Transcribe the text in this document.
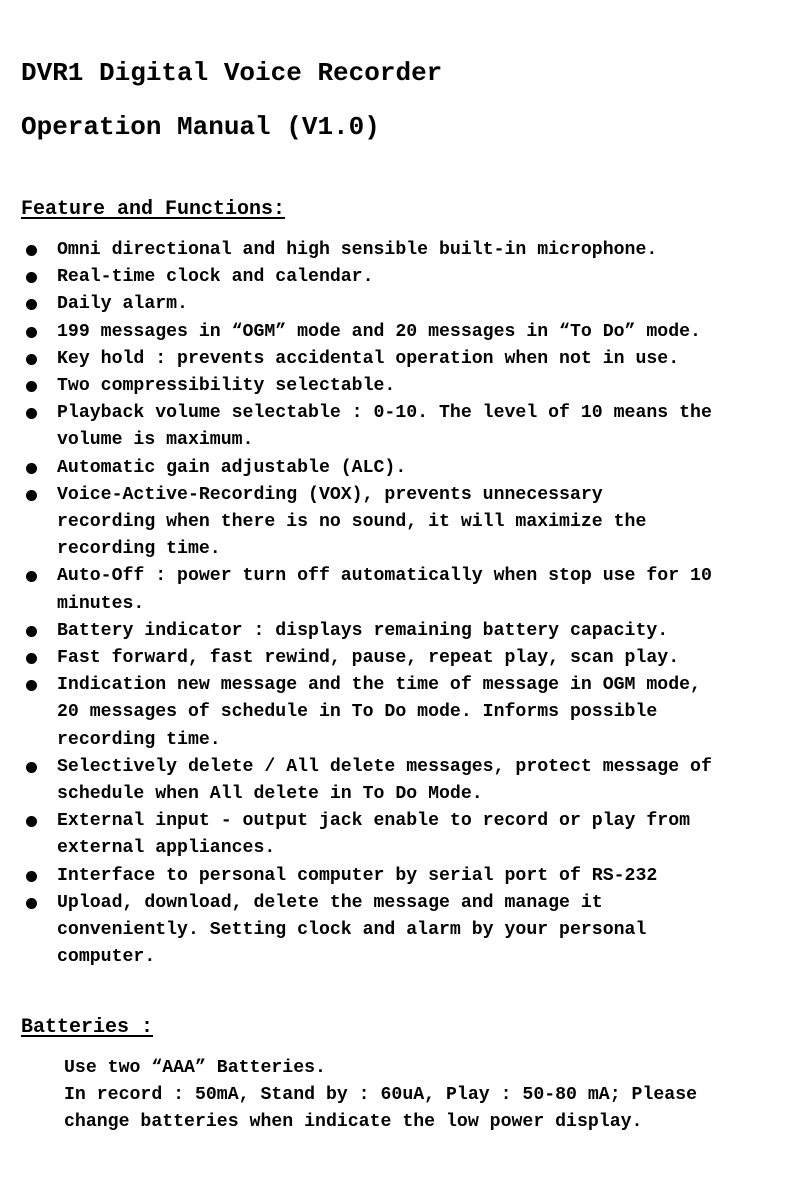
DVR1 Digital Voice Recorder
Operation Manual (V1.0)
Feature and Functions:
Omni directional and high sensible built-in microphone.
Real-time clock and calendar.
Daily alarm.
199 messages in “OGM” mode and 20 messages in “To Do” mode.
Key hold : prevents accidental operation when not in use.
Two compressibility selectable.
Playback volume selectable : 0-10. The level of 10 means the
volume is maximum.
Automatic gain adjustable (ALC).
Voice-Active-Recording (VOX), prevents unnecessary
recording when there is no sound, it will maximize the
recording time.
Auto-Off : power turn off automatically when stop use for 10
minutes.
Battery indicator : displays remaining battery capacity.
Fast forward, fast rewind, pause, repeat play, scan play.
Indication new message and the time of message in OGM mode,
20 messages of schedule in To Do mode. Informs possible
recording time.
Selectively delete / All delete messages, protect message of
schedule when All delete in To Do Mode.
External input - output jack enable to record or play from
external appliances.
Interface to personal computer by serial port of RS-232
Upload, download, delete the message and manage it
conveniently. Setting clock and alarm by your personal
computer.
Batteries :

Use two “AAA” Batteries.

In record : 50mA, Stand by : 60uA, Play : 50-80 mA; Please
change batteries when indicate the low power display.
